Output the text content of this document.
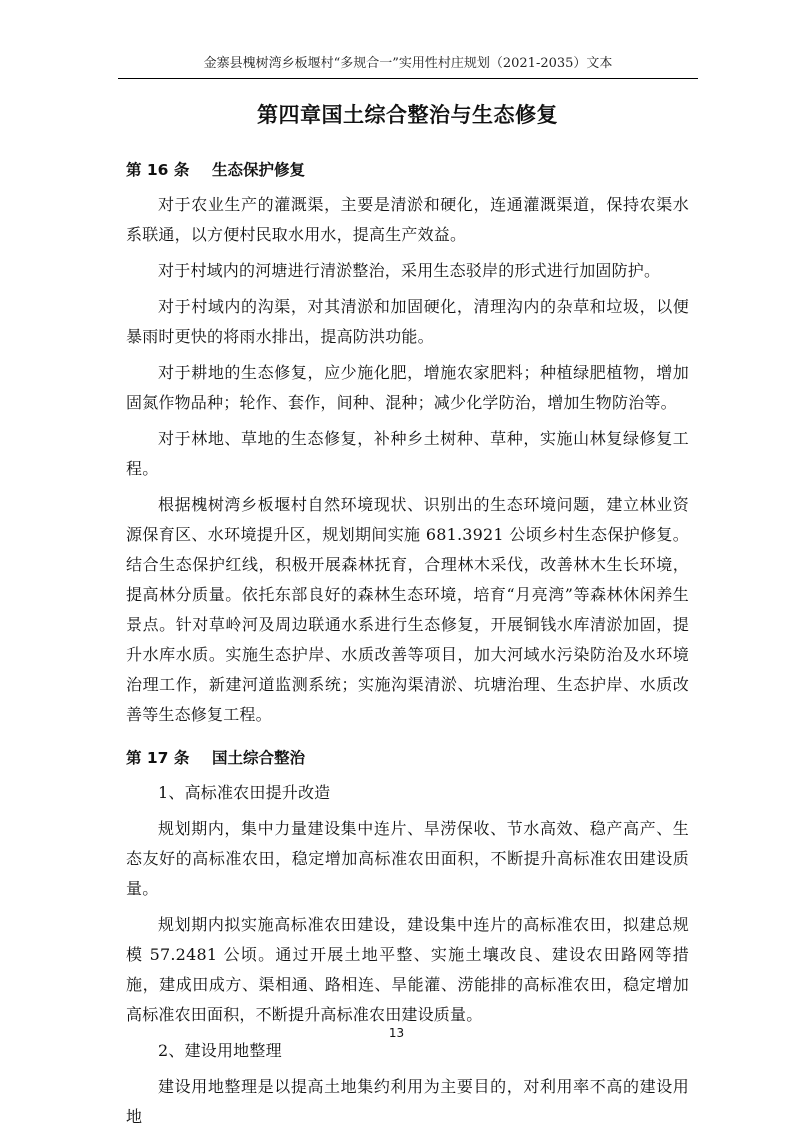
金寨县槐树湾乡板堰村“多规合一”实用性村庄规划（2021-2035）文本
第四章国土综合整治与生态修复
第 16 条 生态保护修复

对于农业生产的灌溉渠，主要是清淤和硬化，连通灌溉渠道，保持农渠水系联通，以方便村民取水用水，提高生产效益。

对于村域内的河塘进行清淤整治，采用生态驳岸的形式进行加固防护。

对于村域内的沟渠，对其清淤和加固硬化，清理沟内的杂草和垃圾，以便暴雨时更快的将雨水排出，提高防洪功能。

对于耕地的生态修复，应少施化肥，增施农家肥料；种植绿肥植物，增加固氮作物品种；轮作、套作，间种、混种；减少化学防治，增加生物防治等。

对于林地、草地的生态修复，补种乡土树种、草种，实施山林复绿修复工程。

根据槐树湾乡板堰村自然环境现状、识别出的生态环境问题，建立林业资源保育区、水环境提升区，规划期间实施 681.3921 公顷乡村生态保护修复。结合生态保护红线，积极开展森林抚育，合理林木采伐，改善林木生长环境，提高林分质量。依托东部良好的森林生态环境，培育“月亮湾”等森林休闲养生景点。针对草岭河及周边联通水系进行生态修复，开展铜钱水库清淤加固，提升水库水质。实施生态护岸、水质改善等项目，加大河域水污染防治及水环境治理工作，新建河道监测系统；实施沟渠清淤、坑塘治理、生态护岸、水质改善等生态修复工程。

第 17 条 国土综合整治

1、高标准农田提升改造

规划期内，集中力量建设集中连片、旱涝保收、节水高效、稳产高产、生态友好的高标准农田，稳定增加高标准农田面积，不断提升高标准农田建设质量。

规划期内拟实施高标准农田建设，建设集中连片的高标准农田，拟建总规模 57.2481 公顷。通过开展土地平整、实施土壤改良、建设农田路网等措施，建成田成方、渠相通、路相连、旱能灌、涝能排的高标准农田，稳定增加高标准农田面积，不断提升高标准农田建设质量。

2、建设用地整理

建设用地整理是以提高土地集约利用为主要目的，对利用率不高的建设用地

13
